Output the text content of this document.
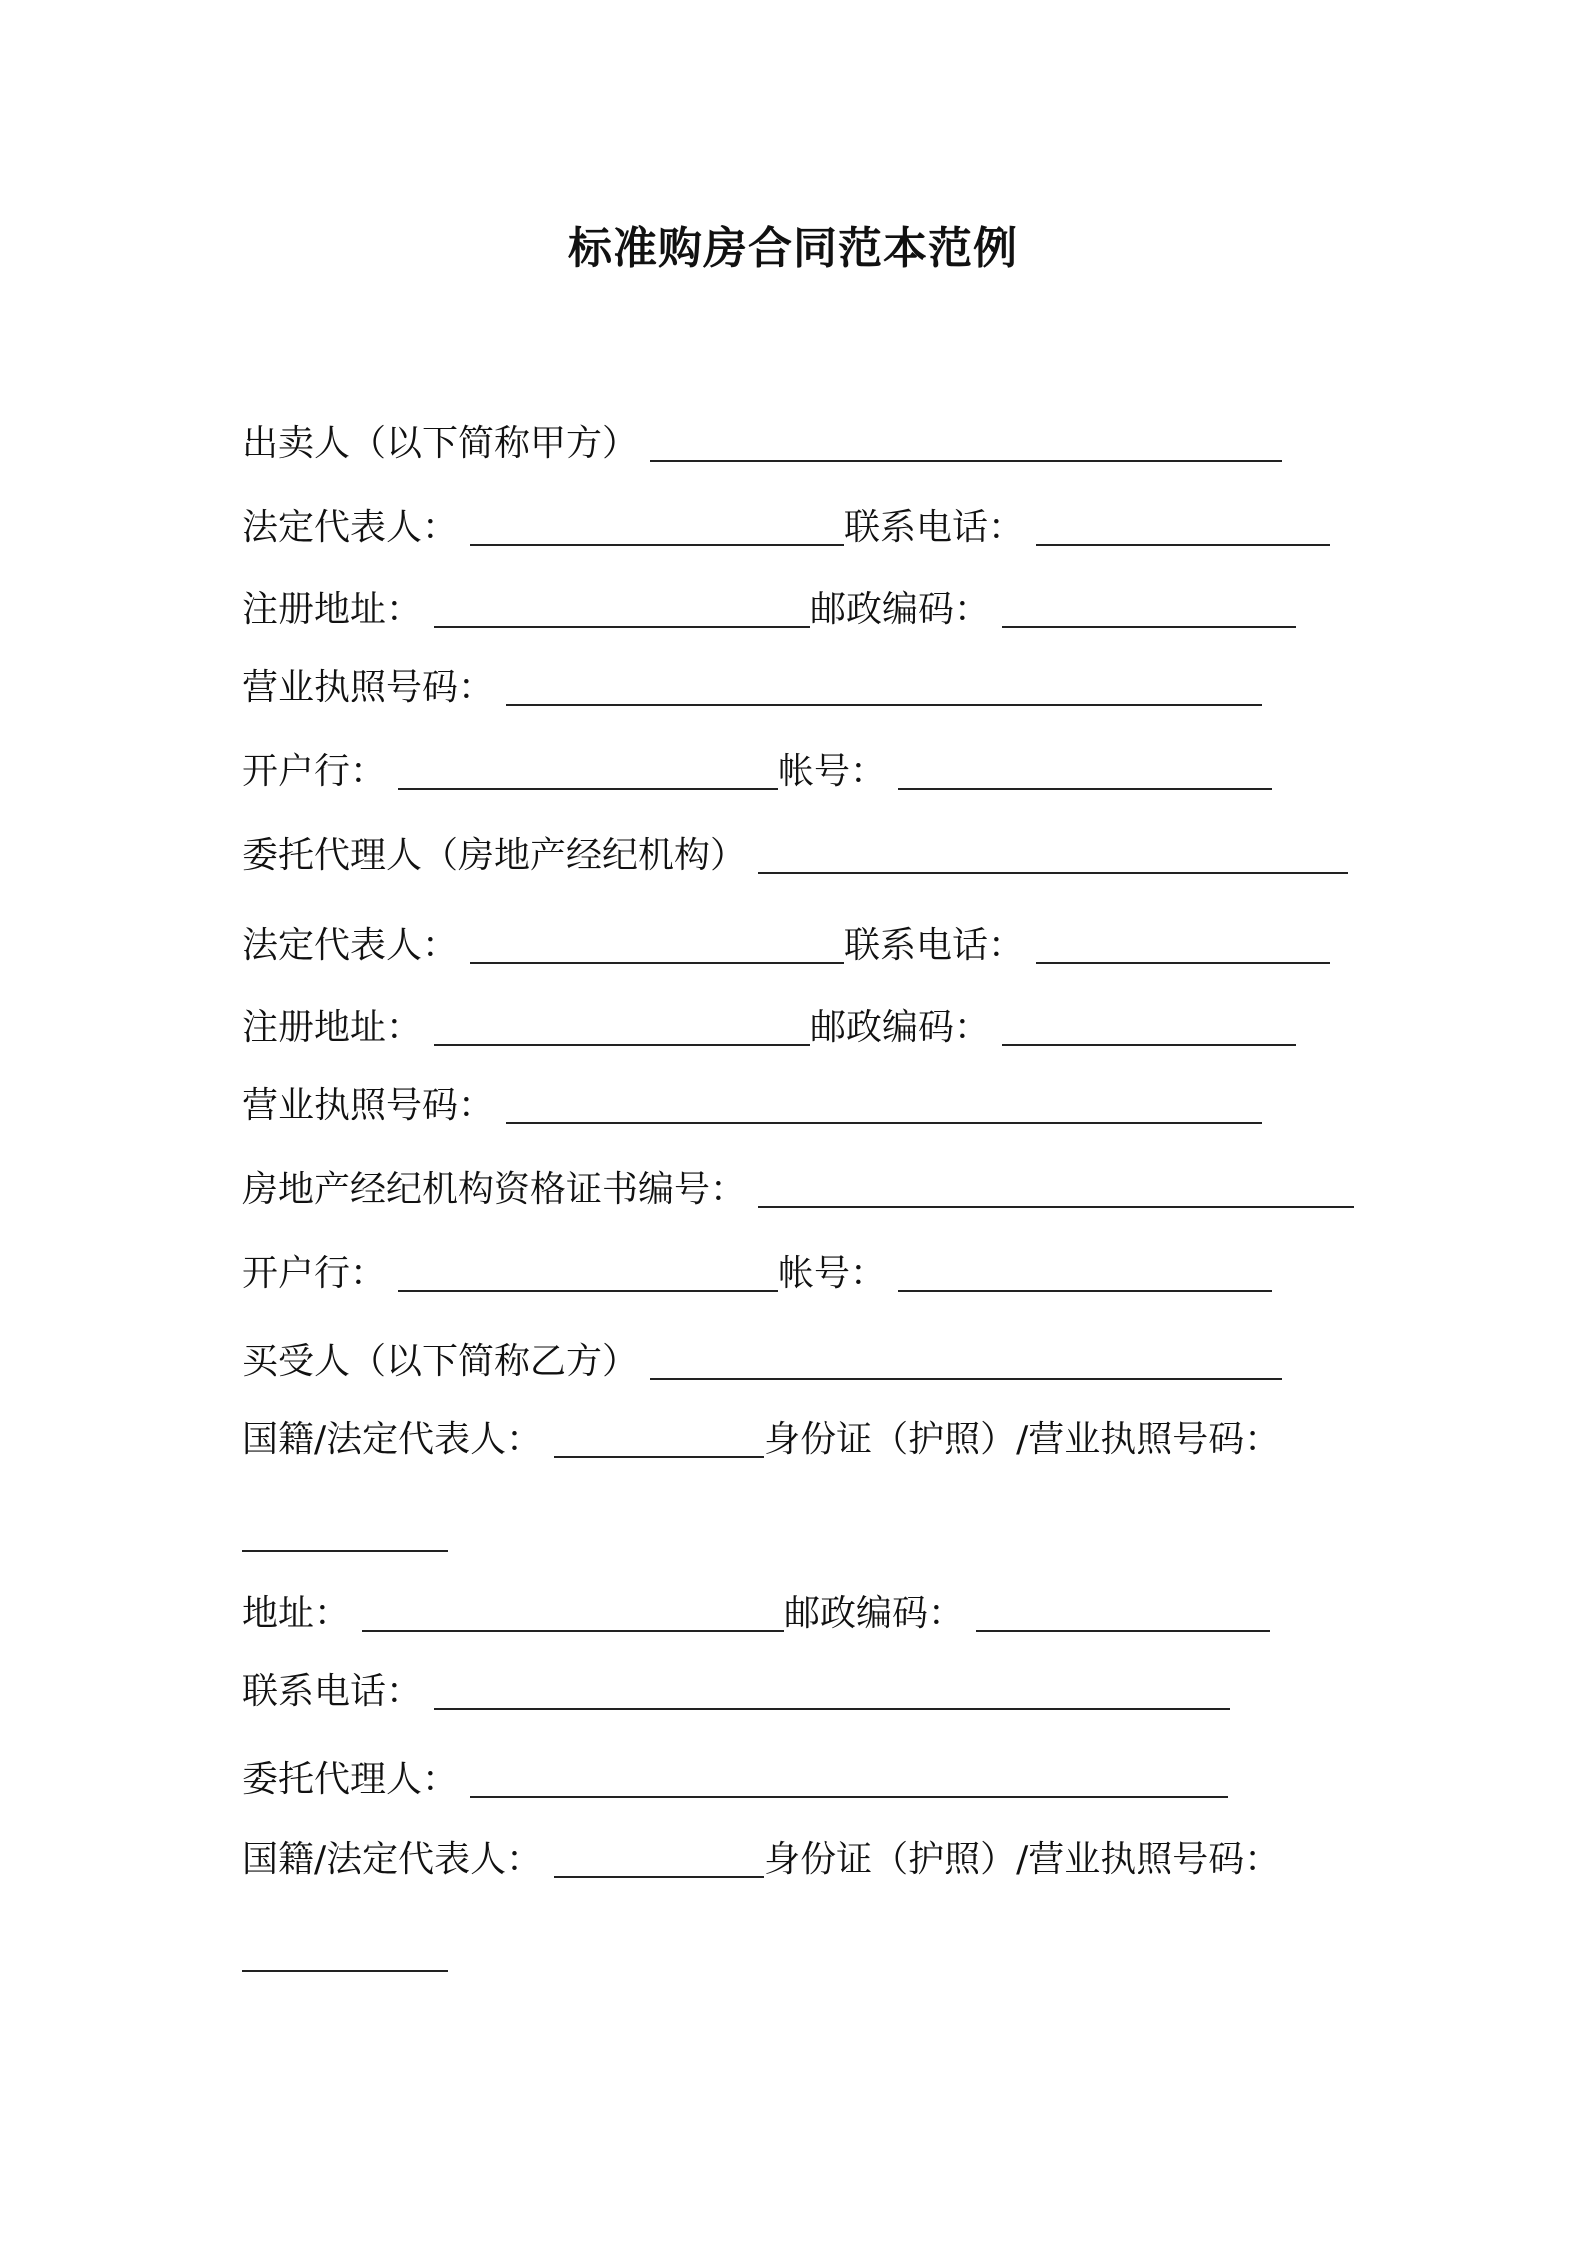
标准购房合同范本范例
出卖人（以下简称甲方）
法定代表人：	联系电话：
注册地址：	邮政编码：
营业执照号码：
开户行：	帐号：
委托代理人（房地产经纪机构）
法定代表人：	联系电话：
注册地址：	邮政编码：
营业执照号码：
房地产经纪机构资格证书编号：
开户行：	帐号：
买受人（以下简称乙方）
国籍/法定代表人：	身份证（护照）/营业执照号码：
地址：	邮政编码：
联系电话：
委托代理人：
国籍/法定代表人：	身份证（护照）/营业执照号码：
